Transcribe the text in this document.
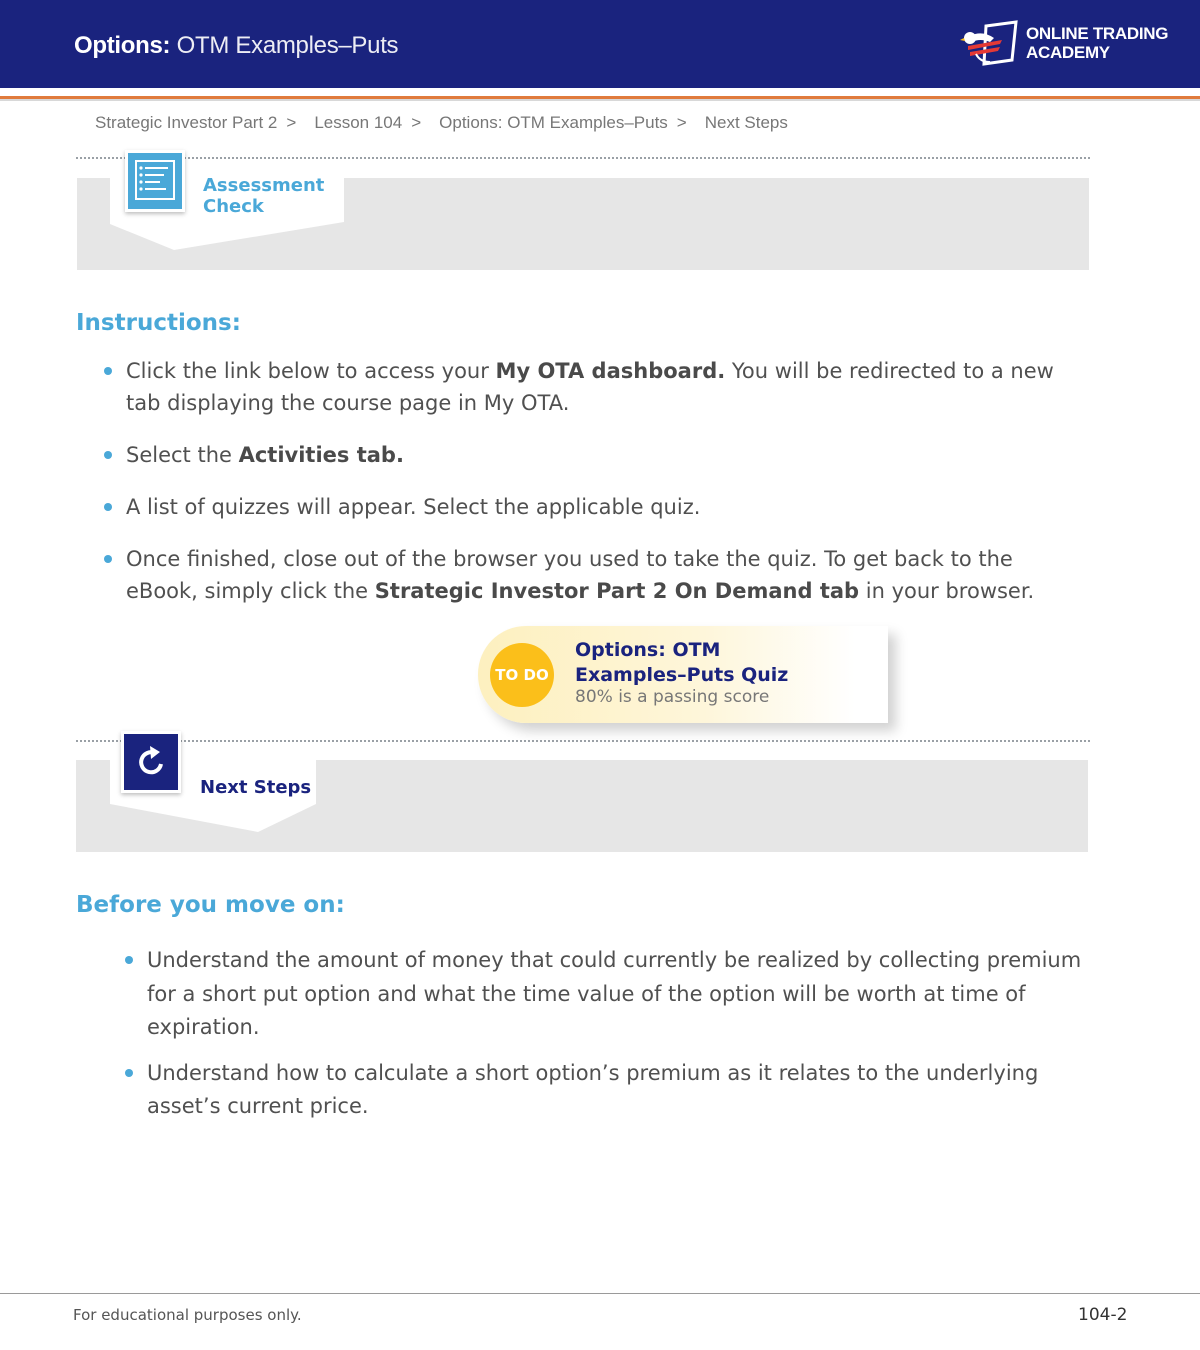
Options: OTM Examples–Puts	ONLINE TRADING
ACADEMY
Strategic Investor Part 2 > Lesson 104 > Options: OTM Examples–Puts > Next Steps
Assessment
Check
Instructions:
Click the link below to access your My OTA dashboard. You will be redirected to a new tab displaying the course page in My OTA.
Select the Activities tab.
A list of quizzes will appear. Select the applicable quiz.
Once finished, close out of the browser you used to take the quiz. To get back to the eBook, simply click the Strategic Investor Part 2 On Demand tab in your browser.
TO DO
Options: OTM Examples–Puts Quiz
80% is a passing score
Next Steps
Before you move on:
Understand the amount of money that could currently be realized by collecting premium for a short put option and what the time value of the option will be worth at time of expiration.
Understand how to calculate a short option’s premium as it relates to the underlying asset’s current price.
For educational purposes only.	104-2
